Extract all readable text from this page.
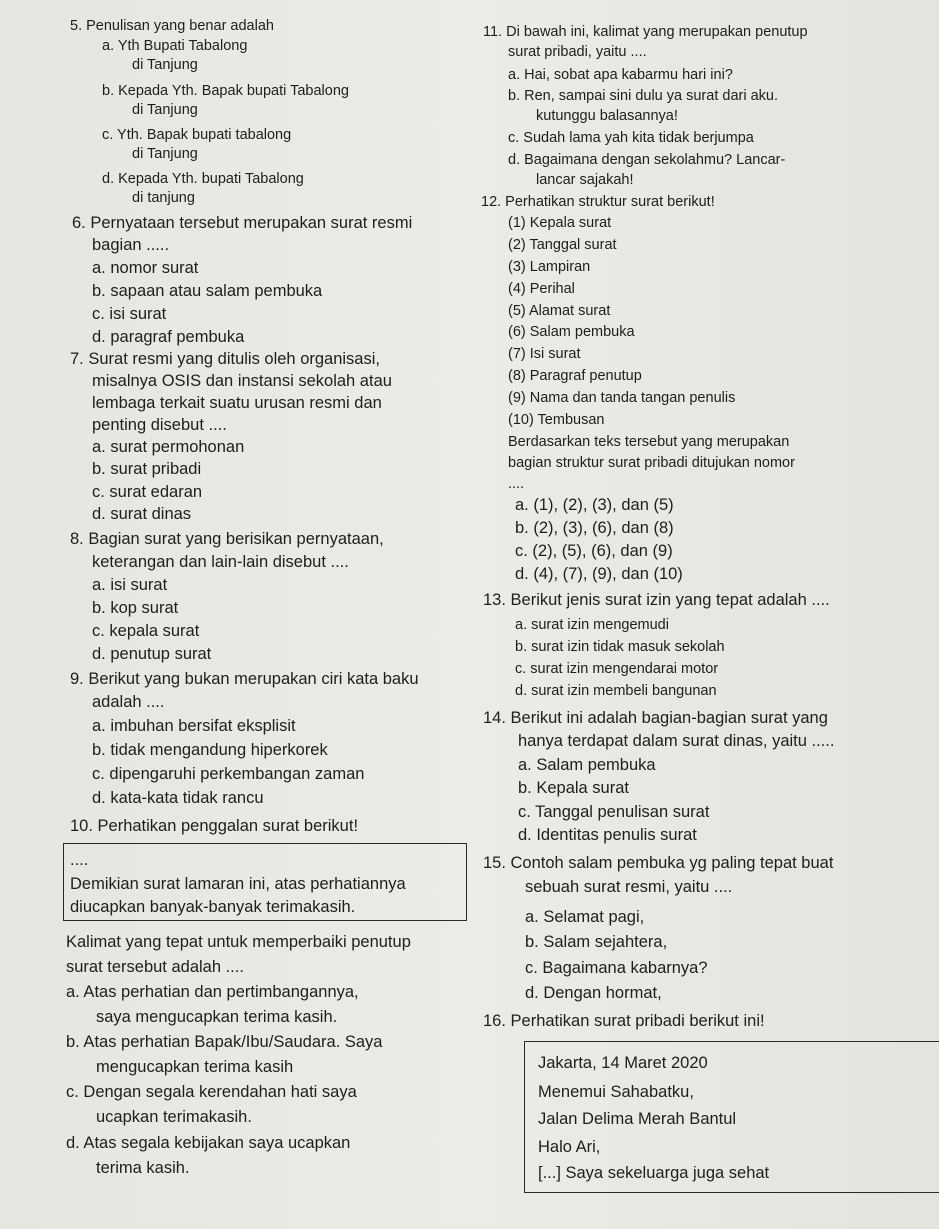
5. Penulisan yang benar adalah
a. Yth Bupati Tabalong
di Tanjung
b. Kepada Yth. Bapak bupati Tabalong
di Tanjung
c. Yth. Bapak bupati tabalong
di Tanjung
d. Kepada Yth. bupati Tabalong
di tanjung
6. Pernyataan tersebut merupakan surat resmi
bagian .....
a. nomor surat
b. sapaan atau salam pembuka
c. isi surat
d. paragraf pembuka
7. Surat resmi yang ditulis oleh organisasi,
misalnya OSIS dan instansi sekolah atau
lembaga terkait suatu urusan resmi dan
penting disebut ....
a. surat permohonan
b. surat pribadi
c. surat edaran
d. surat dinas
8. Bagian surat yang berisikan pernyataan,
keterangan dan lain-lain disebut ....
a. isi surat
b. kop surat
c. kepala surat
d. penutup surat
9. Berikut yang bukan merupakan ciri kata baku
adalah ....
a. imbuhan bersifat eksplisit
b. tidak mengandung hiperkorek
c. dipengaruhi perkembangan zaman
d. kata-kata tidak rancu
10. Perhatikan penggalan surat berikut!
....
Demikian surat lamaran ini, atas perhatiannya
diucapkan banyak-banyak terimakasih.
Kalimat yang tepat untuk memperbaiki penutup
surat tersebut adalah ....
a. Atas perhatian dan pertimbangannya,
saya mengucapkan terima kasih.
b. Atas perhatian Bapak/Ibu/Saudara. Saya
mengucapkan terima kasih
c. Dengan segala kerendahan hati saya
ucapkan terimakasih.
d. Atas segala kebijakan saya ucapkan
terima kasih.
11. Di bawah ini, kalimat yang merupakan penutup
surat pribadi, yaitu ....
a. Hai, sobat apa kabarmu hari ini?
b. Ren, sampai sini dulu ya surat dari aku.
kutunggu balasannya!
c. Sudah lama yah kita tidak berjumpa
d. Bagaimana dengan sekolahmu? Lancar-
lancar sajakah!
12. Perhatikan struktur surat berikut!
(1) Kepala surat
(2) Tanggal surat
(3) Lampiran
(4) Perihal
(5) Alamat surat
(6) Salam pembuka
(7) Isi surat
(8) Paragraf penutup
(9) Nama dan tanda tangan penulis
(10) Tembusan
Berdasarkan teks tersebut yang merupakan
bagian struktur surat pribadi ditujukan nomor
....
a. (1), (2), (3), dan (5)
b. (2), (3), (6), dan (8)
c. (2), (5), (6), dan (9)
d. (4), (7), (9), dan (10)
13. Berikut jenis surat izin yang tepat adalah ....
a. surat izin mengemudi
b. surat izin tidak masuk sekolah
c. surat izin mengendarai motor
d. surat izin membeli bangunan
14. Berikut ini adalah bagian-bagian surat yang
hanya terdapat dalam surat dinas, yaitu .....
a. Salam pembuka
b. Kepala surat
c. Tanggal penulisan surat
d. Identitas penulis surat
15. Contoh salam pembuka yg paling tepat buat
sebuah surat resmi, yaitu ....
a. Selamat pagi,
b. Salam sejahtera,
c. Bagaimana kabarnya?
d. Dengan hormat,
16. Perhatikan surat pribadi berikut ini!
Jakarta, 14 Maret 2020
Menemui Sahabatku,
Jalan Delima Merah Bantul
Halo Ari,
[...] Saya sekeluarga juga sehat
